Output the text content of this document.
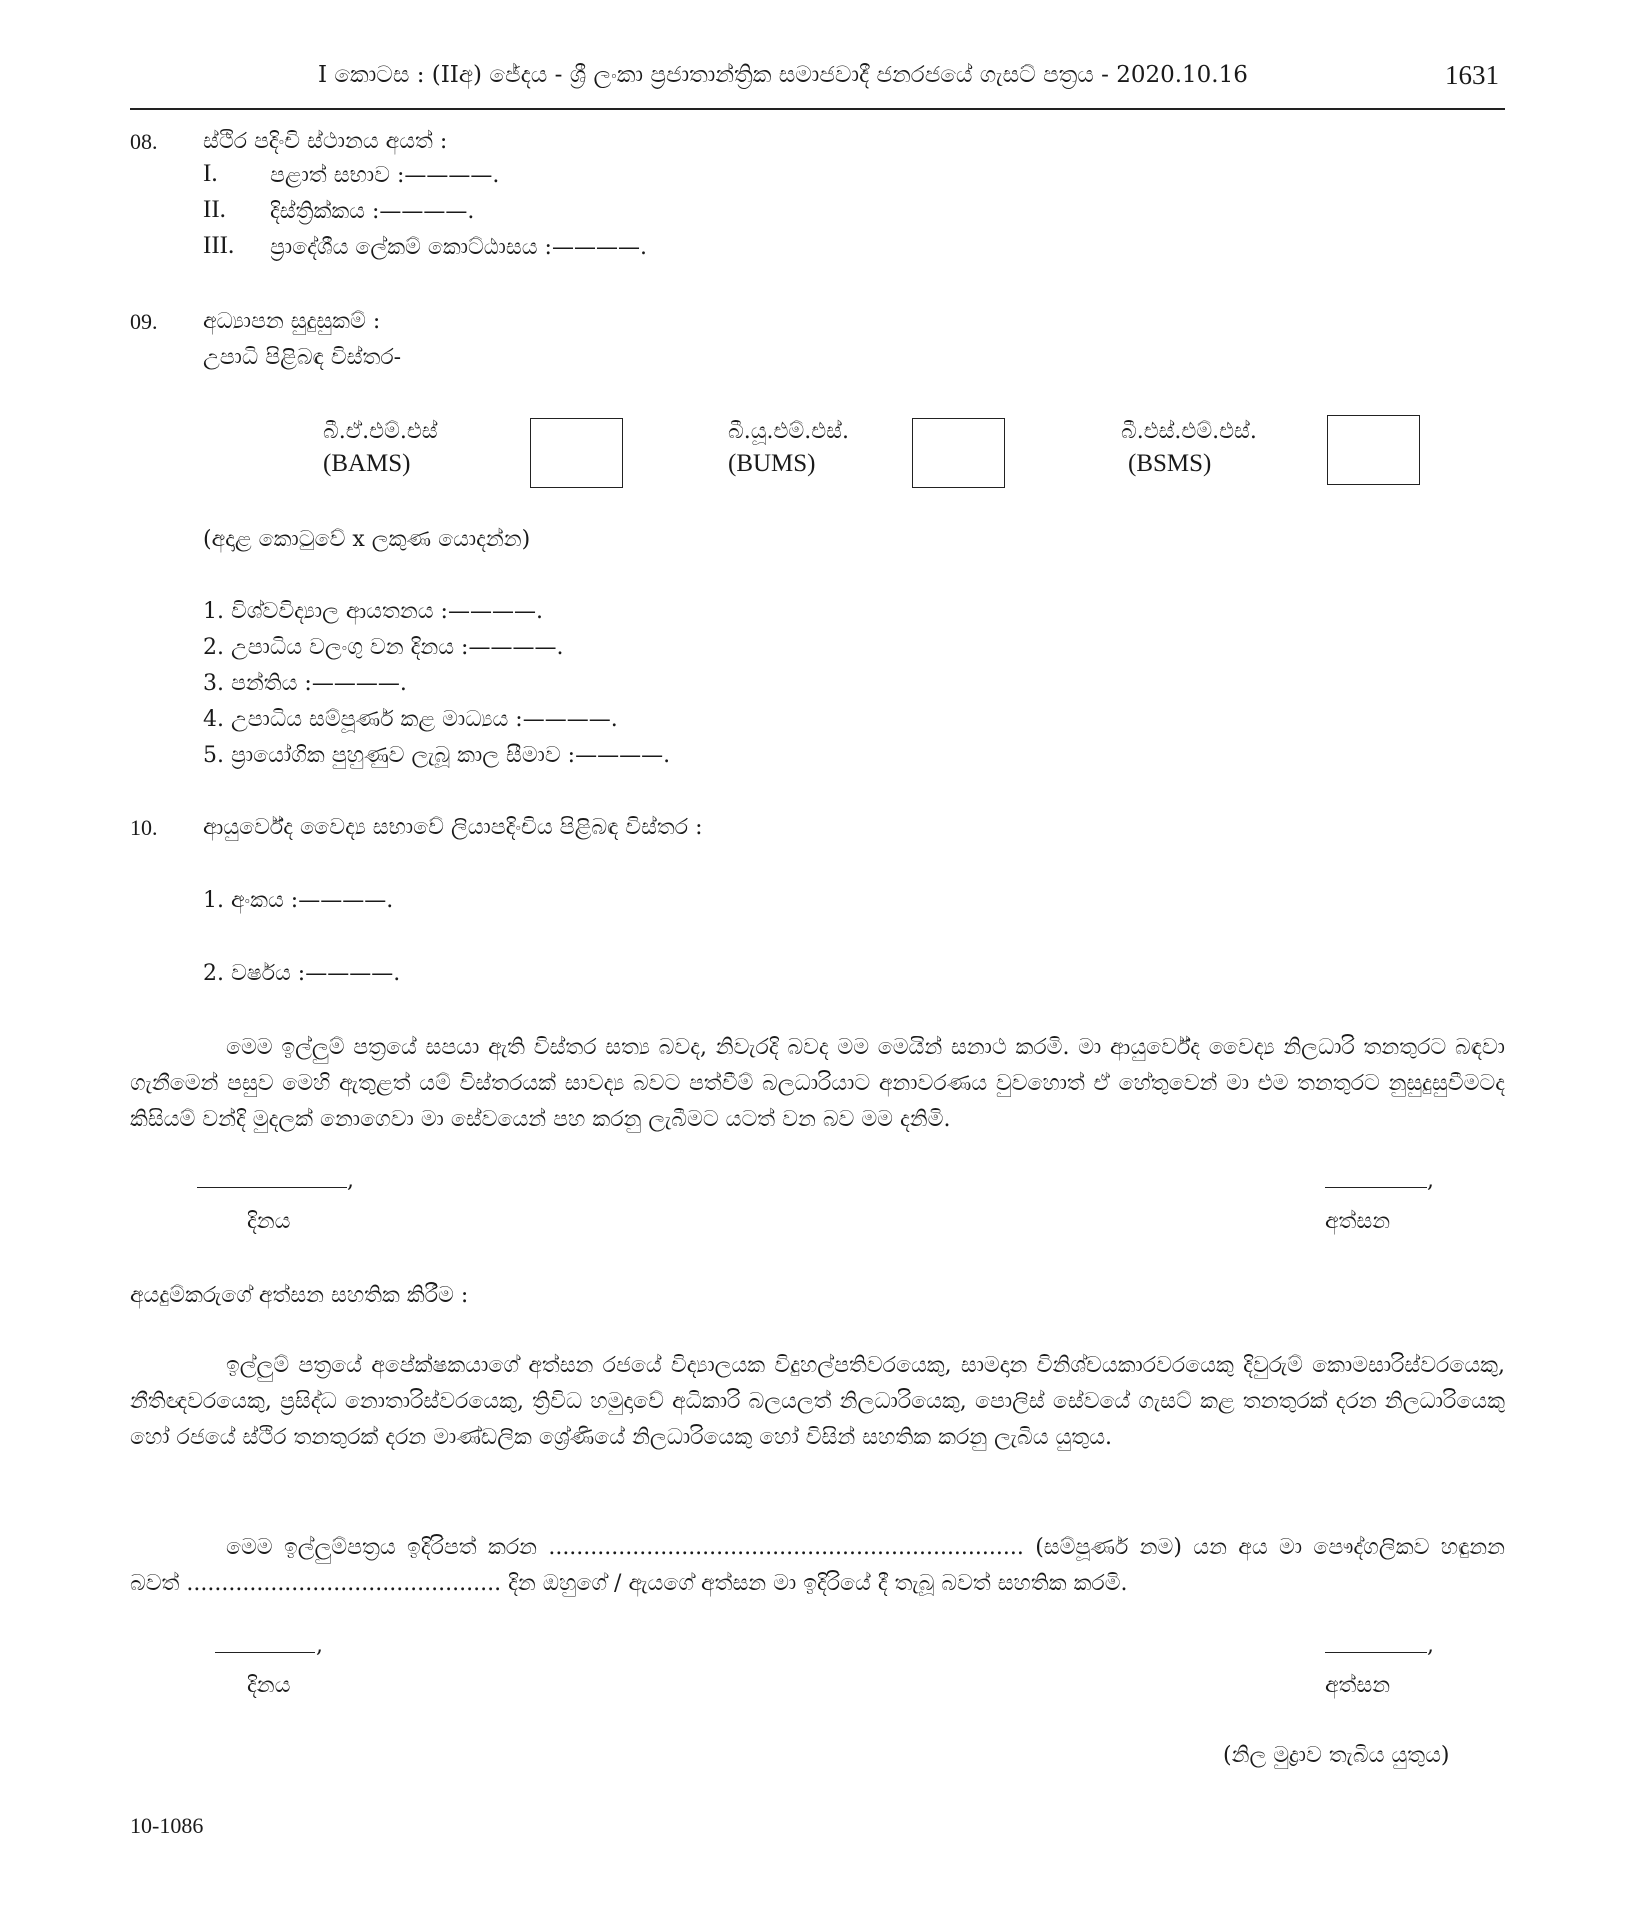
I කොටස : (IIඅ) ජේදය - ශ්‍රී ලංකා ප්‍රජාතාන්ත්‍රික සමාජවාදී ජනරජයේ ගැසට් පත්‍රය - 2020.10.16	1631
08. ස්ථිර පදිංචි ස්ථානය අයත් :
I. පළාත් සභාව :————.
II. දිස්ත්‍රික්කය :————.
III. ප්‍රාදේශීය ලේකම් කොට්ඨාසය :————.
09. අධ්‍යාපන සුදුසුකම් :
උපාධි පිළිබඳ විස්තර-
බී.ඒ.එම්.එස්
(BAMS)
බී.යූ.එම්.එස්.
(BUMS)
බී.එස්.එම්.එස්.
(BSMS)
(අදාළ කොටුවේ x ලකුණ යොදන්න)
1. විශ්වවිද්‍යාල ආයතනය :————.
2. උපාධිය වලංගු වන දිනය :————.
3. පන්තිය :————.
4. උපාධිය සම්පූර්ණ කළ මාධ්‍යය :————.
5. ප්‍රායෝගික පුහුණුව ලැබූ කාල සීමාව :————.
10. ආයුර්වේද වෛද්‍ය සභාවේ ලියාපදිංචිය පිළිබඳ විස්තර :
1. අංකය :————.
2. වර්ෂය :————.
මෙම ඉල්ලුම් පත්‍රයේ සපයා ඇති විස්තර සත්‍ය බවද, නිවැරදි බවද මම මෙයින් සනාථ කරමි. මා ආයුර්වේද වෛද්‍ය නිලධාරි තනතුරට බඳවා ගැනීමෙන් පසුව මෙහි ඇතුළත් යම් විස්තරයක් සාවද්‍ය බවට පත්වීම් බලධාරියාට අනාවරණය වුවහොත් ඒ හේතුවෙන් මා එම තනතුරට නුසුදුසුවීමටද කිසියම් වන්දි මුදලක් නොගෙවා මා සේවයෙන් පහ කරනු ලැබීමට යටත් වන බව මම දනිමි.
,
දිනය
,
අත්සන
අයදුම්කරුගේ අත්සන සහතික කිරීම :
ඉල්ලුම් පත්‍රයේ අපේක්ෂකයාගේ අත්සන රජයේ විද්‍යාලයක විදුහල්පතිවරයෙකු, සාමදාන විනිශ්චයකාරවරයෙකු දිවුරුම් කොමසාරිස්වරයෙකු, නීතිඥවරයෙකු, ප්‍රසිද්ධ නොතාරිස්වරයෙකු, ත්‍රිවිධ හමුදාවේ අධිකාරි බලයලත් නිලධාරියෙකු, පොලිස් සේවයේ ගැසට් කළ තනතුරක් දරන නිලධාරියෙකු හෝ රජයේ ස්ථිර තනතුරක් දරන මාණ්ඩලික ශ්‍රේණියේ නිලධාරියෙකු හෝ විසින් සහතික කරනු ලැබිය යුතුය.
මෙම ඉල්ලුම්පත්‍රය ඉදිරිපත් කරන .................................................................... (සම්පූර්ණ නම) යන අය මා පෞද්ගලිකව හඳුනන බවත් ............................................. දින ඔහුගේ / ඇයගේ අත්සන මා ඉදිරියේ දී තැබූ බවත් සහතික කරමි.
,
දිනය
,
අත්සන
(නිල මුද්‍රාව තැබිය යුතුය)
10-1086
